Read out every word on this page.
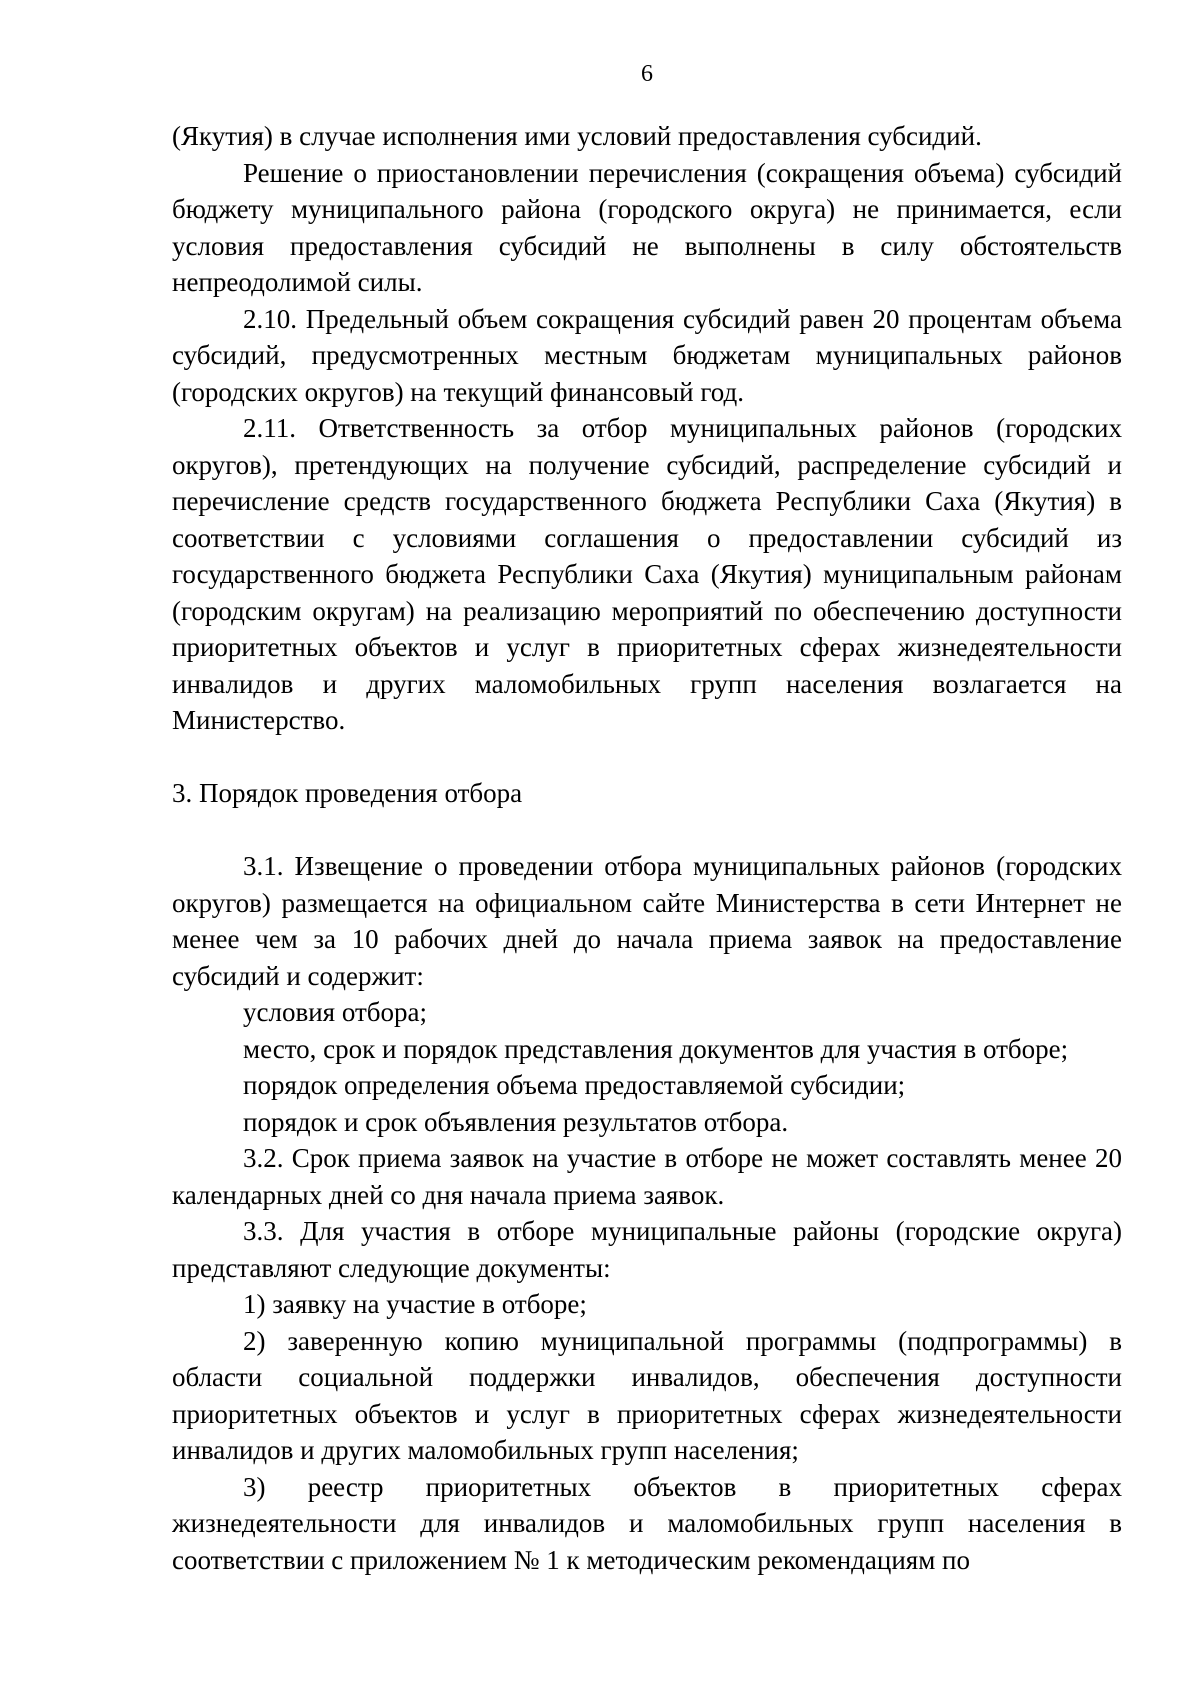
6

(Якутия) в случае исполнения ими условий предоставления субсидий.

Решение о приостановлении перечисления (сокращения объема) субсидий бюджету муниципального района (городского округа) не принимается, если условия предоставления субсидий не выполнены в силу обстоятельств непреодолимой силы.

2.10. Предельный объем сокращения субсидий равен 20 процентам объема субсидий, предусмотренных местным бюджетам муниципальных районов (городских округов) на текущий финансовый год.

2.11. Ответственность за отбор муниципальных районов (городских округов), претендующих на получение субсидий, распределение субсидий и перечисление средств государственного бюджета Республики Саха (Якутия) в соответствии с условиями соглашения о предоставлении субсидий из государственного бюджета Республики Саха (Якутия) муниципальным районам (городским округам) на реализацию мероприятий по обеспечению доступности приоритетных объектов и услуг в приоритетных сферах жизнедеятельности инвалидов и других маломобильных групп населения возлагается на Министерство.

3. Порядок проведения отбора

3.1. Извещение о проведении отбора муниципальных районов (городских округов) размещается на официальном сайте Министерства в сети Интернет не менее чем за 10 рабочих дней до начала приема заявок на предоставление субсидий и содержит:

условия отбора;

место, срок и порядок представления документов для участия в отборе;

порядок определения объема предоставляемой субсидии;

порядок и срок объявления результатов отбора.

3.2. Срок приема заявок на участие в отборе не может составлять менее 20 календарных дней со дня начала приема заявок.

3.3. Для участия в отборе муниципальные районы (городские округа) представляют следующие документы:

1) заявку на участие в отборе;

2) заверенную копию муниципальной программы (подпрограммы) в области социальной поддержки инвалидов, обеспечения доступности приоритетных объектов и услуг в приоритетных сферах жизнедеятельности инвалидов и других маломобильных групп населения;

3) реестр приоритетных объектов в приоритетных сферах жизнедеятельности для инвалидов и маломобильных групп населения в соответствии с приложением № 1 к методическим рекомендациям по
